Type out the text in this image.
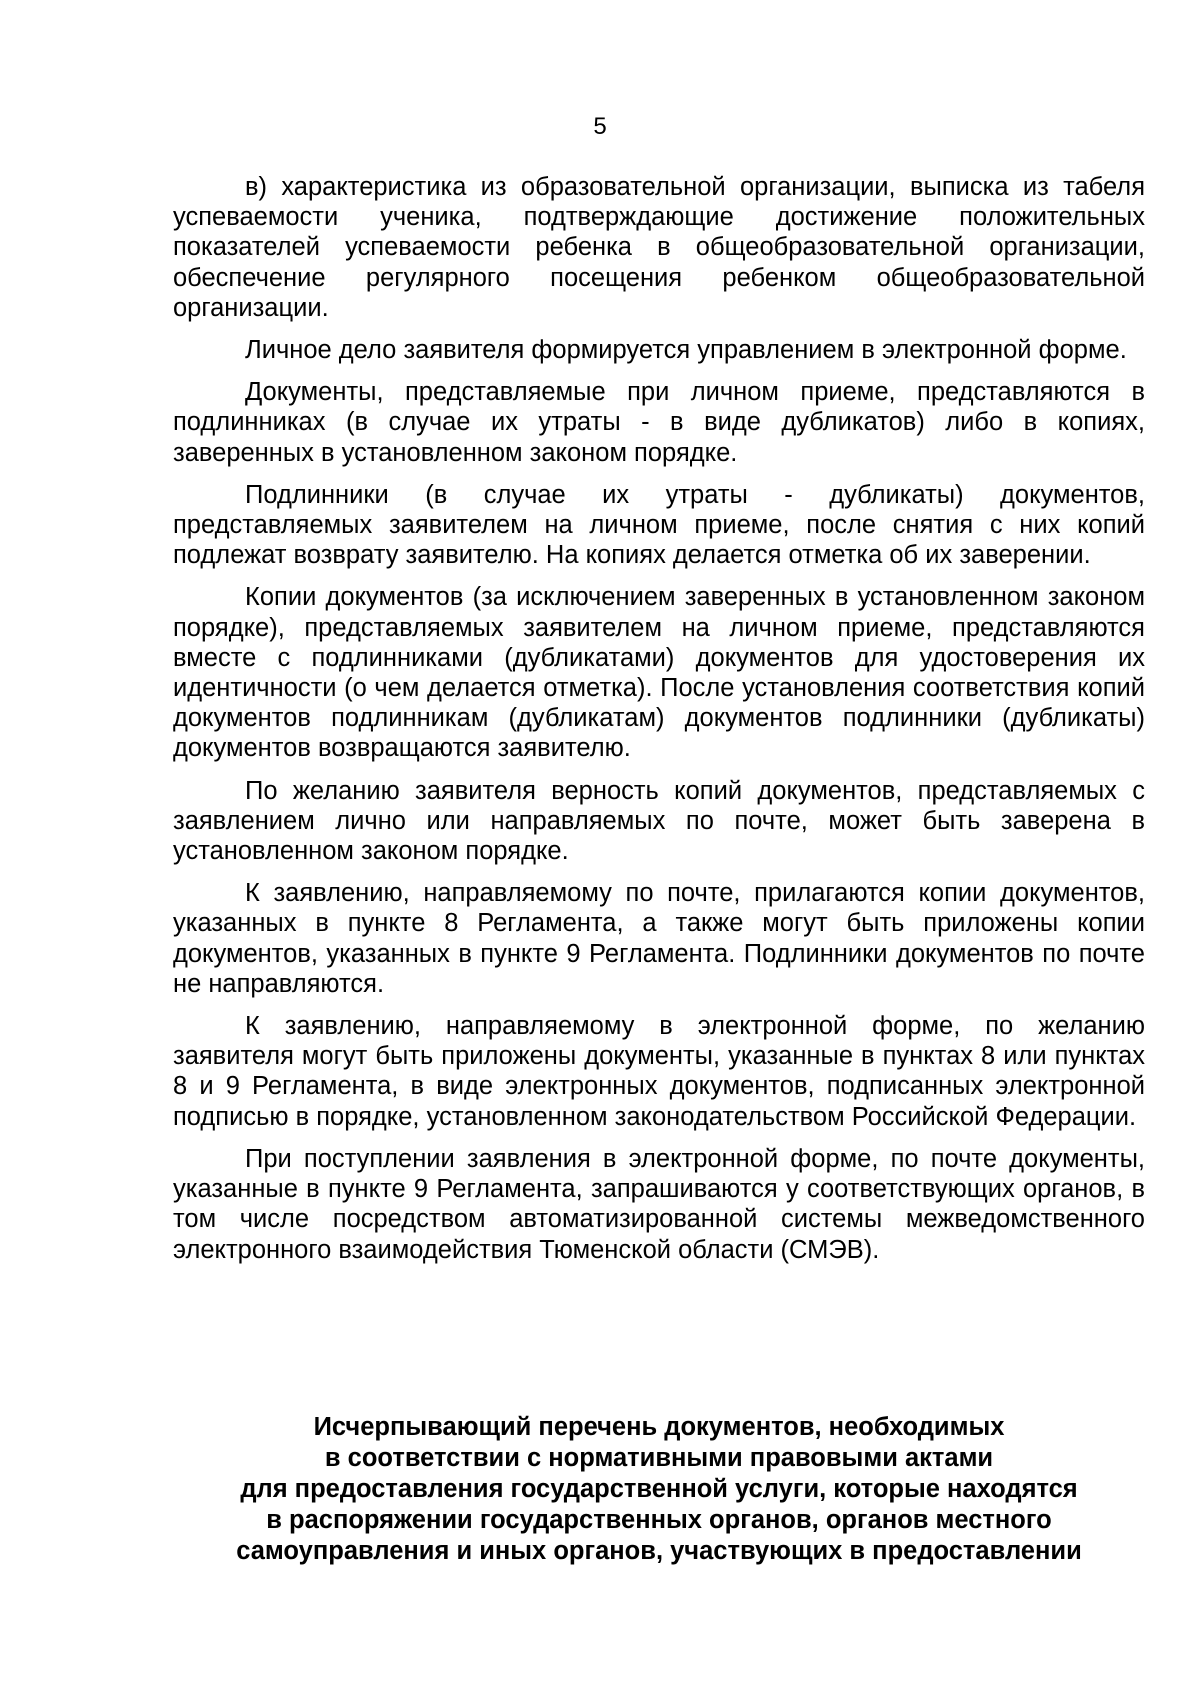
5

в) характеристика из образовательной организации, выписка из табеля успеваемости ученика, подтверждающие достижение положительных показателей успеваемости ребенка в общеобразовательной организации, обеспечение регулярного посещения ребенком общеобразовательной организации.

Личное дело заявителя формируется управлением в электронной форме.

Документы, представляемые при личном приеме, представляются в подлинниках (в случае их утраты - в виде дубликатов) либо в копиях, заверенных в установленном законом порядке.

Подлинники (в случае их утраты - дубликаты) документов, представляемых заявителем на личном приеме, после снятия с них копий подлежат возврату заявителю. На копиях делается отметка об их заверении.

Копии документов (за исключением заверенных в установленном законом порядке), представляемых заявителем на личном приеме, представляются вместе с подлинниками (дубликатами) документов для удостоверения их идентичности (о чем делается отметка). После установления соответствия копий документов подлинникам (дубликатам) документов подлинники (дубликаты) документов возвращаются заявителю.

По желанию заявителя верность копий документов, представляемых с заявлением лично или направляемых по почте, может быть заверена в установленном законом порядке.

К заявлению, направляемому по почте, прилагаются копии документов, указанных в пункте 8 Регламента, а также могут быть приложены копии документов, указанных в пункте 9 Регламента. Подлинники документов по почте не направляются.

К заявлению, направляемому в электронной форме, по желанию заявителя могут быть приложены документы, указанные в пунктах 8 или пунктах 8 и 9 Регламента, в виде электронных документов, подписанных электронной подписью в порядке, установленном законодательством Российской Федерации.

При поступлении заявления в электронной форме, по почте документы, указанные в пункте 9 Регламента, запрашиваются у соответствующих органов, в том числе посредством автоматизированной системы межведомственного электронного взаимодействия Тюменской области (СМЭВ).

Исчерпывающий перечень документов, необходимых
в соответствии с нормативными правовыми актами
для предоставления государственной услуги, которые находятся
в распоряжении государственных органов, органов местного
самоуправления и иных органов, участвующих в предоставлении
